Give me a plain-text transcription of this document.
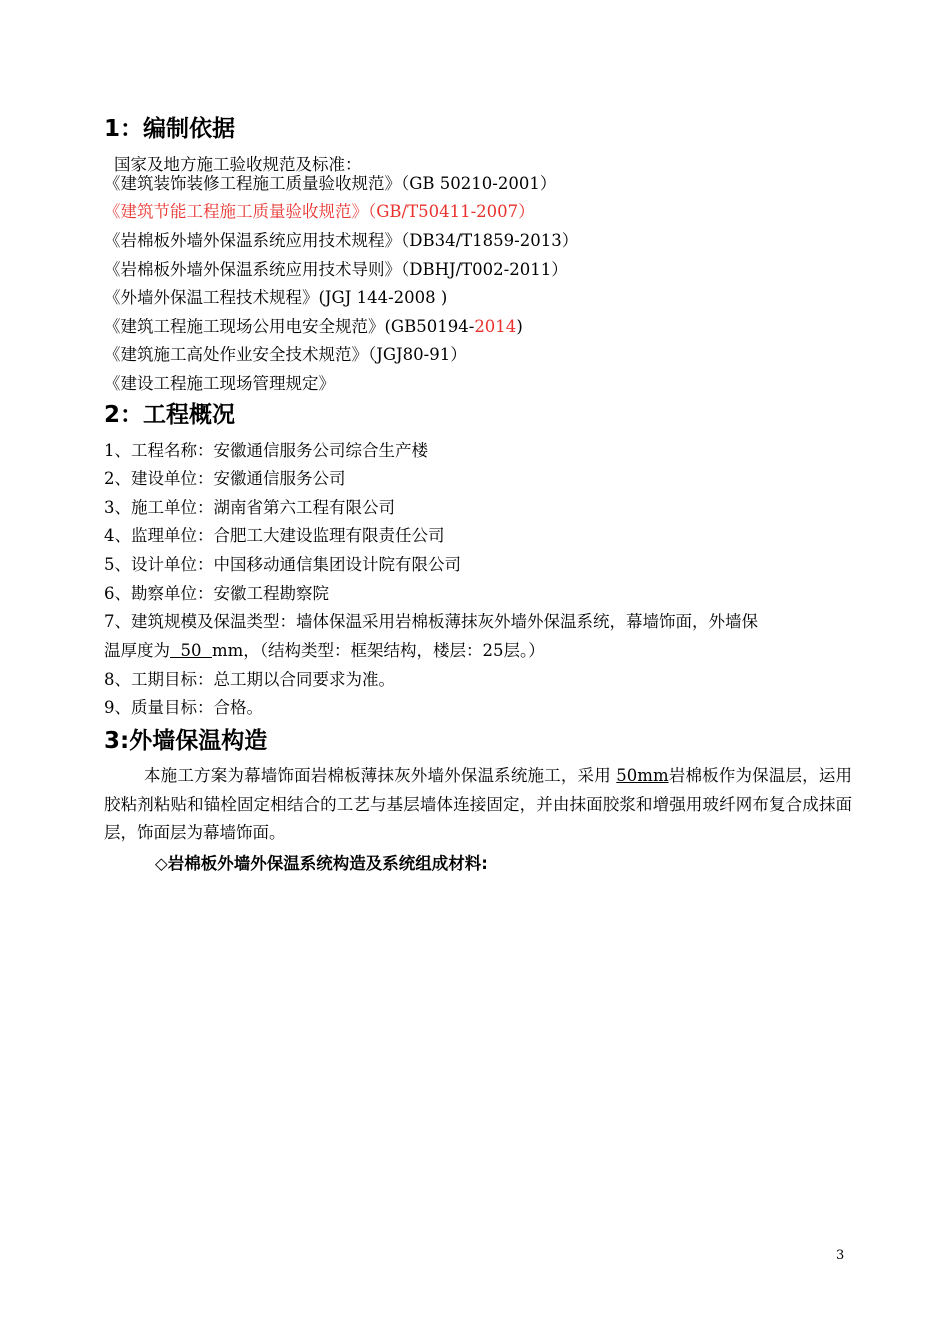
1：编制依据
国家及地方施工验收规范及标准：
《建筑装饰装修工程施工质量验收规范》（GB 50210-2001）
《建筑节能工程施工质量验收规范》（GB/T50411-2007）
《岩棉板外墙外保温系统应用技术规程》（DB34/T1859-2013）
《岩棉板外墙外保温系统应用技术导则》（DBHJ/T002-2011）
《外墙外保温工程技术规程》(JGJ 144-2008 )
《建筑工程施工现场公用电安全规范》(GB50194-2014)
《建筑施工高处作业安全技术规范》（JGJ80-91）
《建设工程施工现场管理规定》
2：工程概况
1、工程名称：安徽通信服务公司综合生产楼
2、建设单位：安徽通信服务公司
3、施工单位：湖南省第六工程有限公司
4、监理单位：合肥工大建设监理有限责任公司
5、设计单位：中国移动通信集团设计院有限公司
6、勘察单位：安徽工程勘察院
7、建筑规模及保温类型：墙体保温采用岩棉板薄抹灰外墙外保温系统，幕墙饰面，外墙保
温厚度为  50  mm，（结构类型：框架结构，楼层：25层。）
8、工期目标：总工期以合同要求为准。
9、质量目标：合格。
3:外墙保温构造
本施工方案为幕墙饰面岩棉板薄抹灰外墙外保温系统施工，采用 50mm岩棉板作为保温层，运用胶粘剂粘贴和锚栓固定相结合的工艺与基层墙体连接固定，并由抹面胶浆和增强用玻纤网布复合成抹面层，饰面层为幕墙饰面。
◇岩棉板外墙外保温系统构造及系统组成材料:
3
